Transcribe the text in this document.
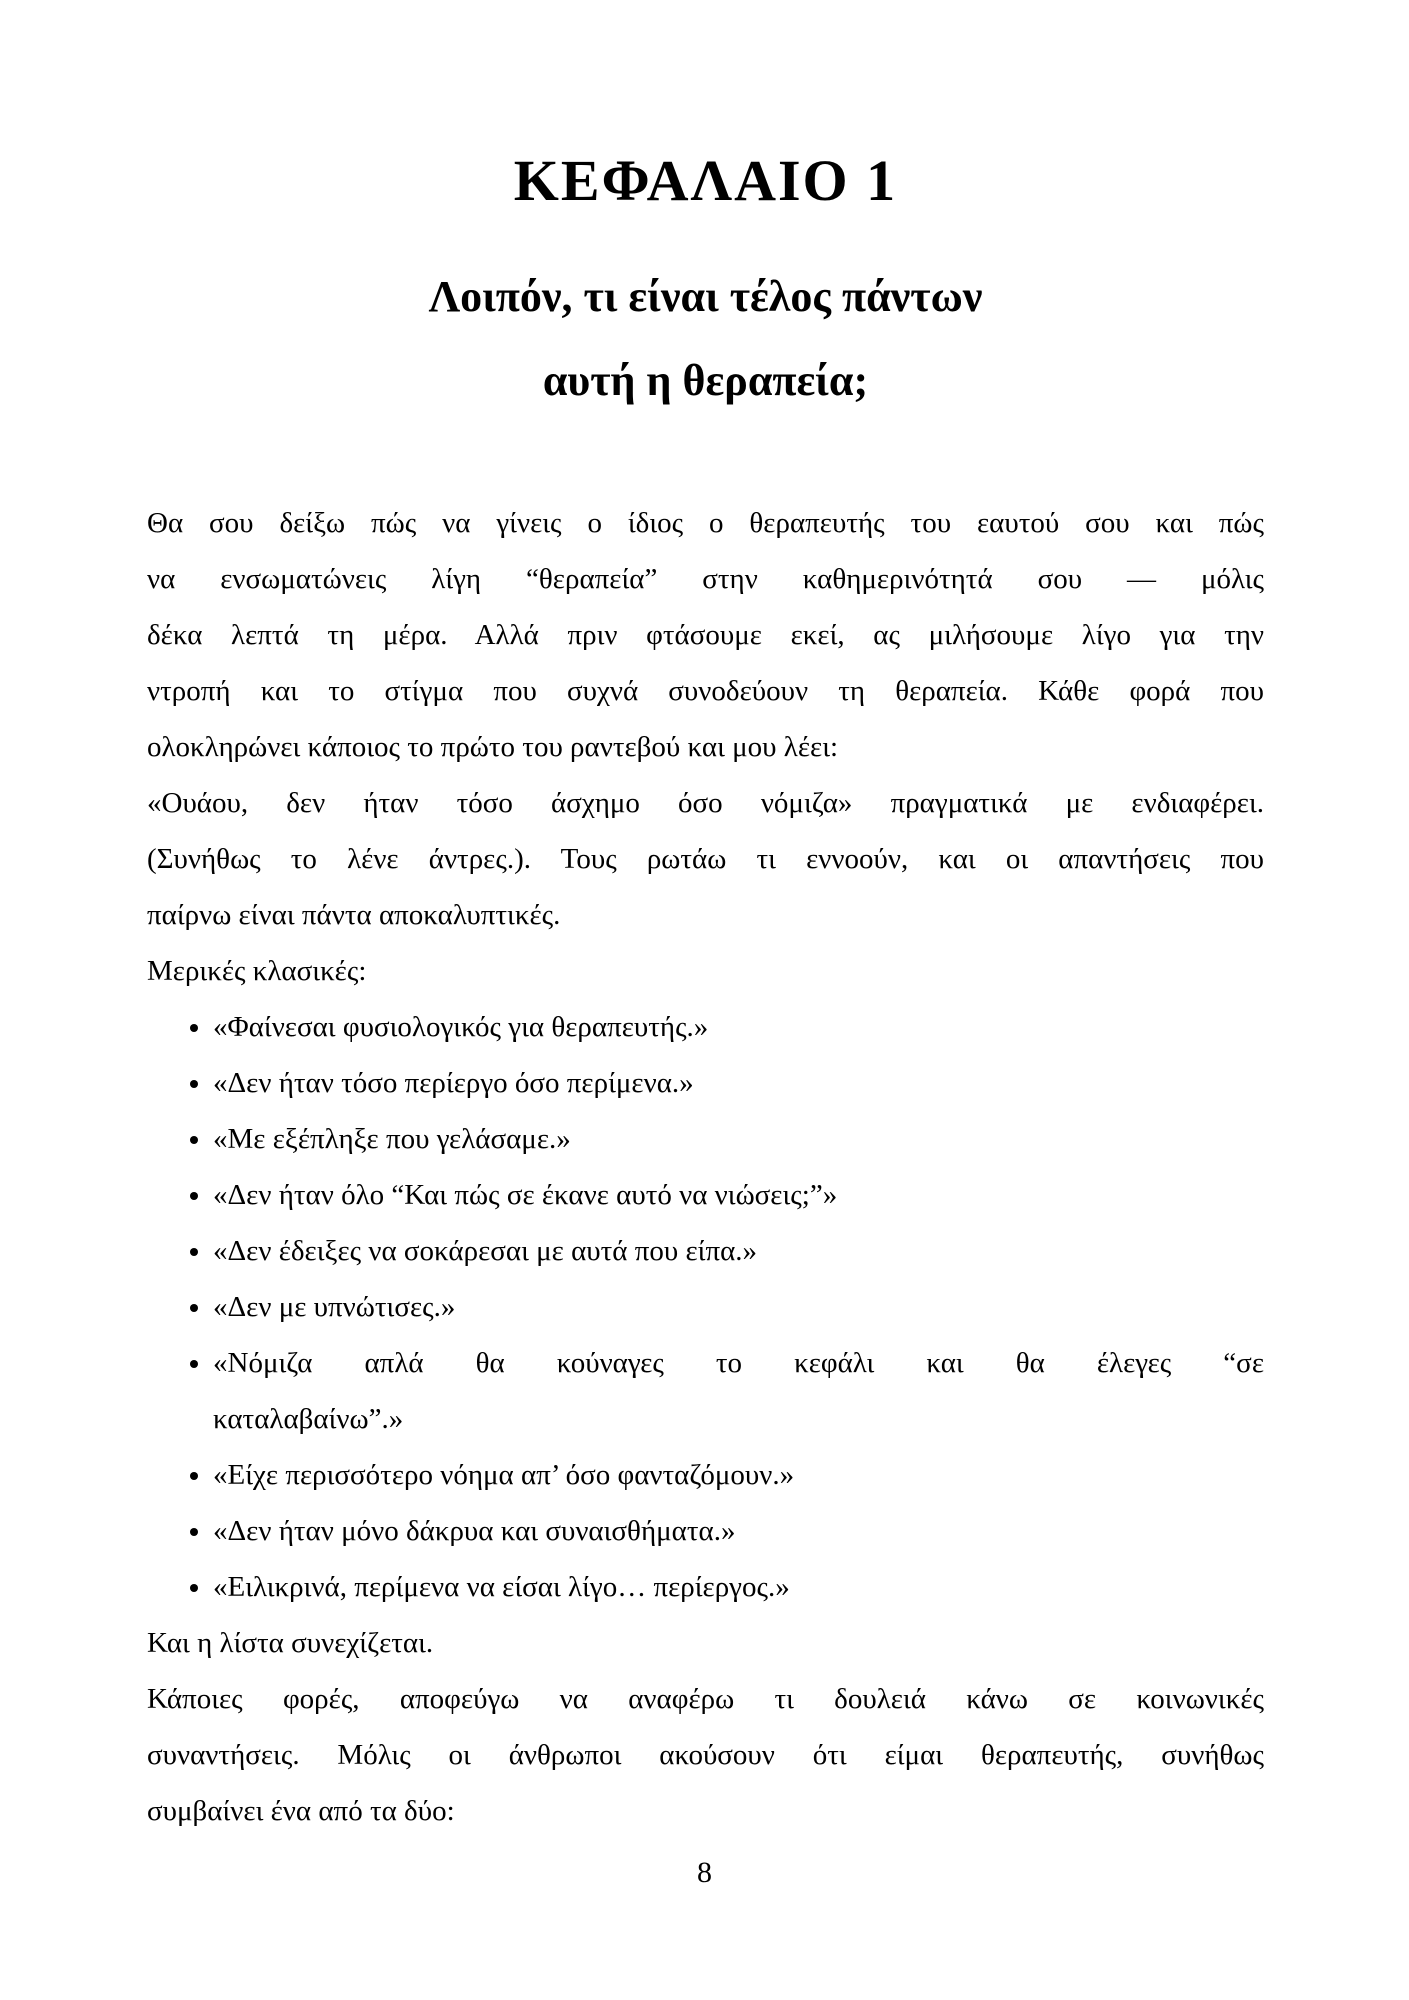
ΚΕΦΑΛΑΙΟ 1
Λοιπόν, τι είναι τέλος πάντων
αυτή η θεραπεία;
Θα σου δείξω πώς να γίνεις ο ίδιος ο θεραπευτής του εαυτού σου και πώς
να ενσωματώνεις λίγη “θεραπεία” στην καθημερινότητά σου — μόλις
δέκα λεπτά τη μέρα. Αλλά πριν φτάσουμε εκεί, ας μιλήσουμε λίγο για την
ντροπή και το στίγμα που συχνά συνοδεύουν τη θεραπεία. Κάθε φορά που
ολοκληρώνει κάποιος το πρώτο του ραντεβού και μου λέει:
«Ουάου, δεν ήταν τόσο άσχημο όσο νόμιζα» πραγματικά με ενδιαφέρει.
(Συνήθως το λένε άντρες.). Τους ρωτάω τι εννοούν, και οι απαντήσεις που
παίρνω είναι πάντα αποκαλυπτικές.
Μερικές κλασικές:
• «Φαίνεσαι φυσιολογικός για θεραπευτής.»
• «Δεν ήταν τόσο περίεργο όσο περίμενα.»
• «Με εξέπληξε που γελάσαμε.»
• «Δεν ήταν όλο “Και πώς σε έκανε αυτό να νιώσεις;”»
• «Δεν έδειξες να σοκάρεσαι με αυτά που είπα.»
• «Δεν με υπνώτισες.»
• «Νόμιζα απλά θα κούναγες το κεφάλι και θα έλεγες “σε
καταλαβαίνω”.»
• «Είχε περισσότερο νόημα απ’ όσο φανταζόμουν.»
• «Δεν ήταν μόνο δάκρυα και συναισθήματα.»
• «Ειλικρινά, περίμενα να είσαι λίγο… περίεργος.»
Και η λίστα συνεχίζεται.
Κάποιες φορές, αποφεύγω να αναφέρω τι δουλειά κάνω σε κοινωνικές
συναντήσεις. Μόλις οι άνθρωποι ακούσουν ότι είμαι θεραπευτής, συνήθως
συμβαίνει ένα από τα δύο:
8
